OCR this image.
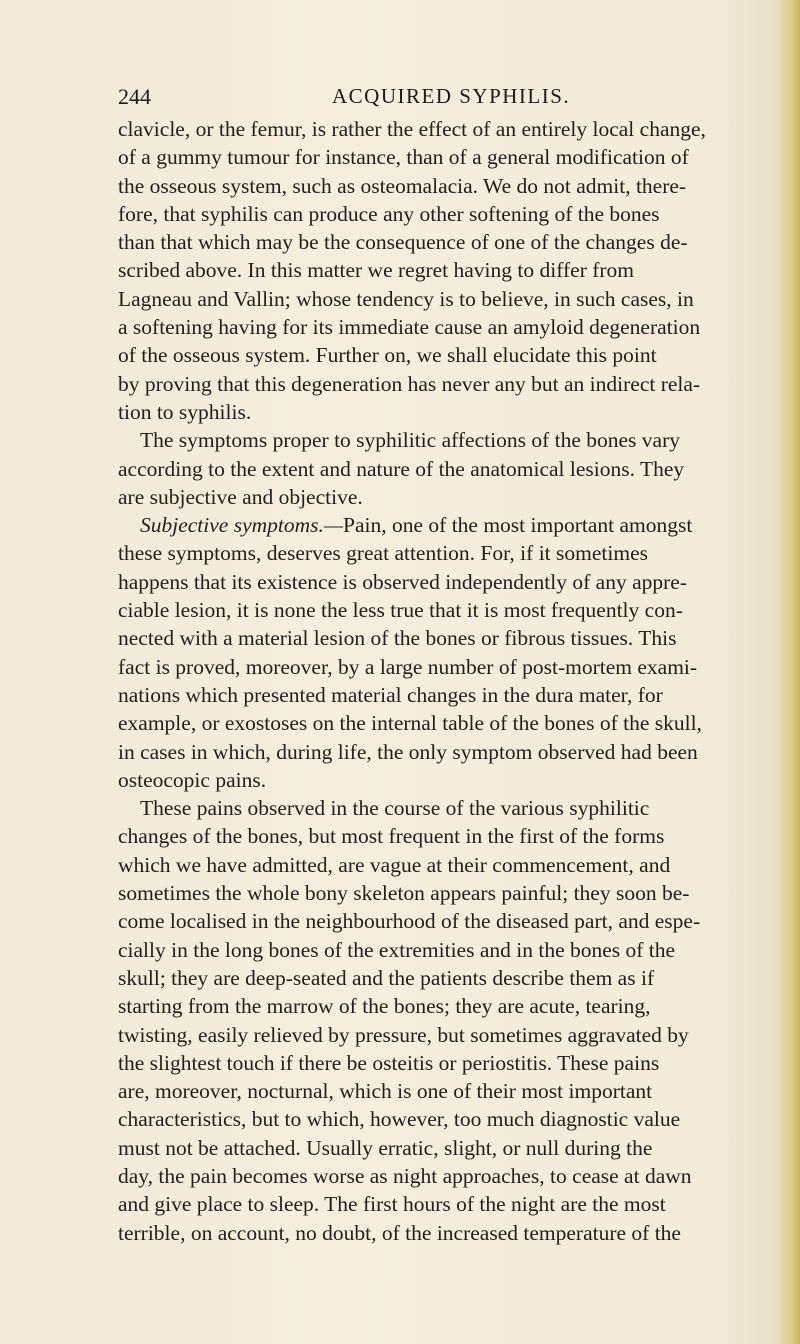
244	ACQUIRED SYPHILIS.
clavicle, or the femur, is rather the effect of an entirely local change,
of a gummy tumour for instance, than of a general modification of
the osseous system, such as osteomalacia. We do not admit, there-
fore, that syphilis can produce any other softening of the bones
than that which may be the consequence of one of the changes de-
scribed above. In this matter we regret having to differ from
Lagneau and Vallin; whose tendency is to believe, in such cases, in
a softening having for its immediate cause an amyloid degeneration
of the osseous system. Further on, we shall elucidate this point
by proving that this degeneration has never any but an indirect rela-
tion to syphilis.
The symptoms proper to syphilitic affections of the bones vary
according to the extent and nature of the anatomical lesions. They
are subjective and objective.
Subjective symptoms.—Pain, one of the most important amongst
these symptoms, deserves great attention. For, if it sometimes
happens that its existence is observed independently of any appre-
ciable lesion, it is none the less true that it is most frequently con-
nected with a material lesion of the bones or fibrous tissues. This
fact is proved, moreover, by a large number of post-mortem exami-
nations which presented material changes in the dura mater, for
example, or exostoses on the internal table of the bones of the skull,
in cases in which, during life, the only symptom observed had been
osteocopic pains.
These pains observed in the course of the various syphilitic
changes of the bones, but most frequent in the first of the forms
which we have admitted, are vague at their commencement, and
sometimes the whole bony skeleton appears painful; they soon be-
come localised in the neighbourhood of the diseased part, and espe-
cially in the long bones of the extremities and in the bones of the
skull; they are deep-seated and the patients describe them as if
starting from the marrow of the bones; they are acute, tearing,
twisting, easily relieved by pressure, but sometimes aggravated by
the slightest touch if there be osteitis or periostitis. These pains
are, moreover, nocturnal, which is one of their most important
characteristics, but to which, however, too much diagnostic value
must not be attached. Usually erratic, slight, or null during the
day, the pain becomes worse as night approaches, to cease at dawn
and give place to sleep. The first hours of the night are the most
terrible, on account, no doubt, of the increased temperature of the
